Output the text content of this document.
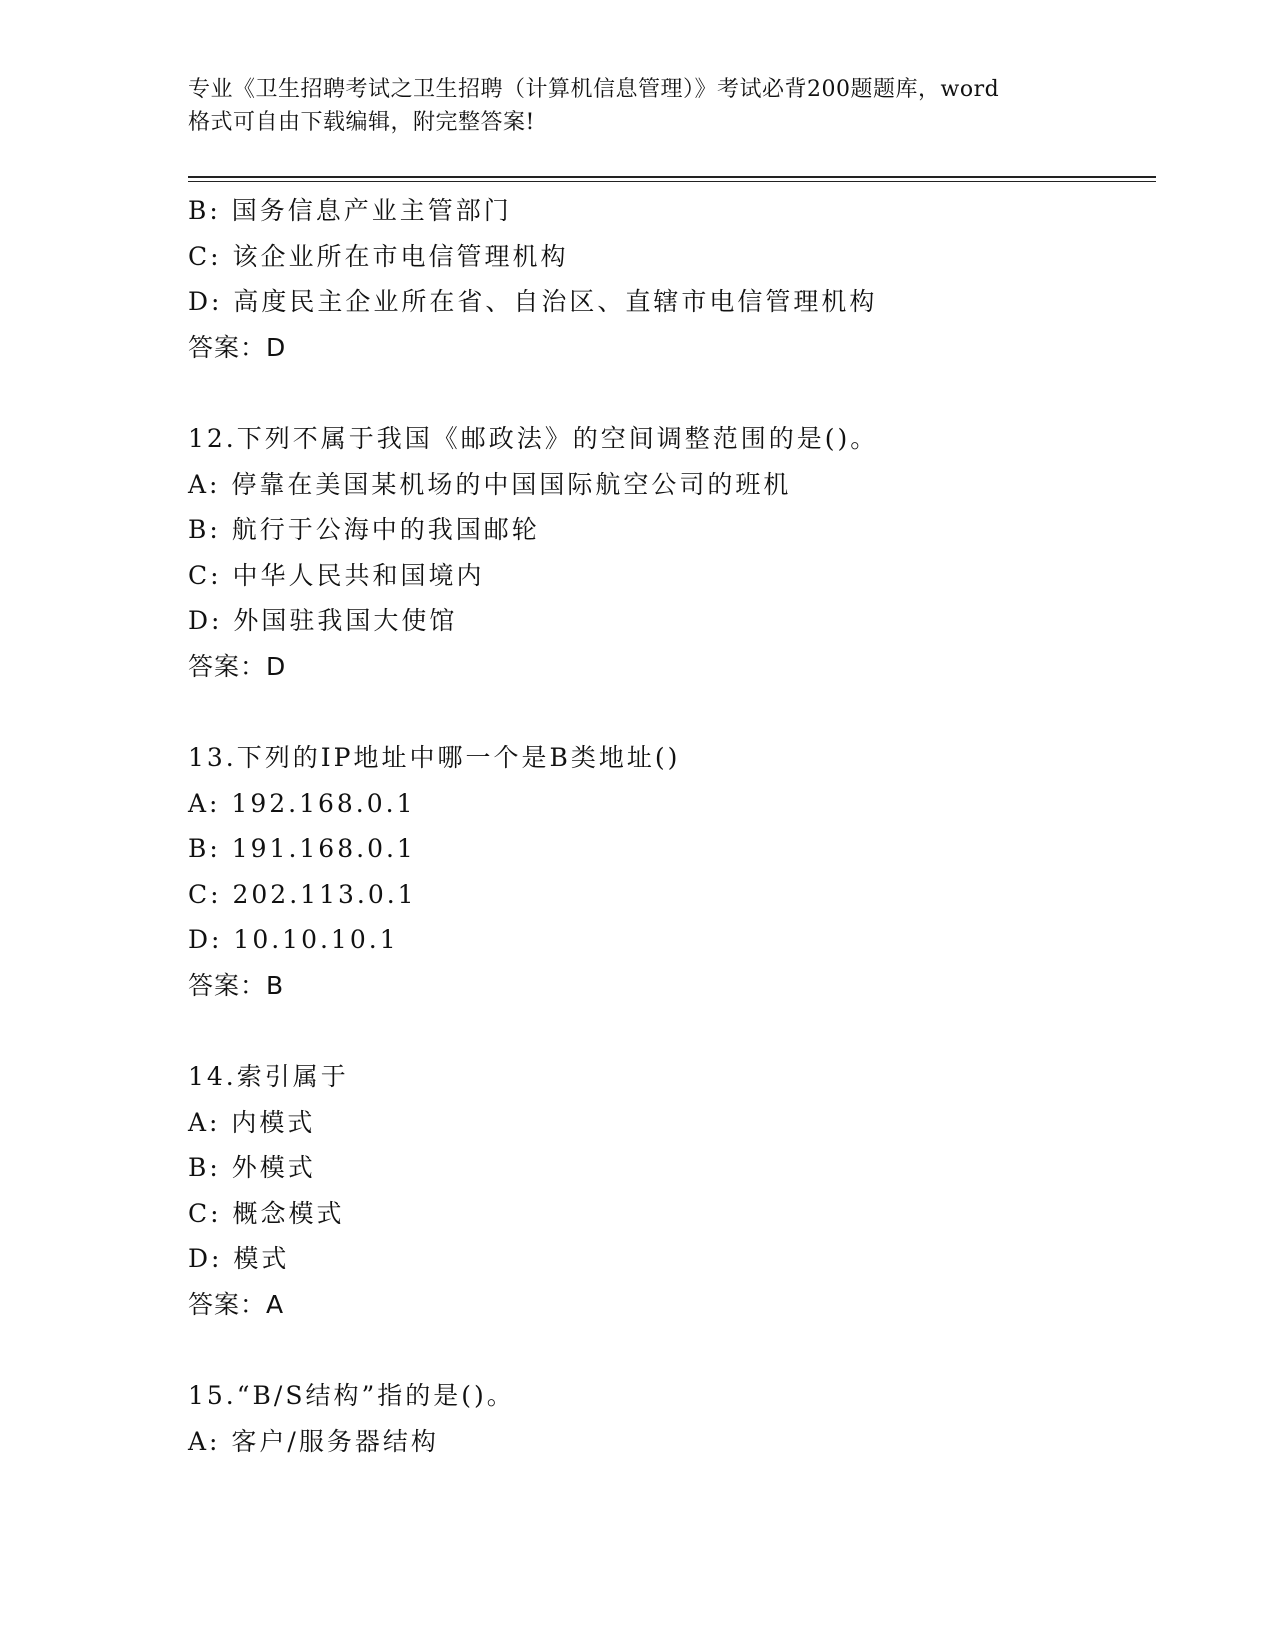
专业《卫生招聘考试之卫生招聘（计算机信息管理）》考试必背200题题库，word
格式可自由下载编辑，附完整答案!
B: 国务信息产业主管部门
C: 该企业所在市电信管理机构
D: 高度民主企业所在省、自治区、直辖市电信管理机构
答案：D
12.下列不属于我国《邮政法》的空间调整范围的是()。
A: 停靠在美国某机场的中国国际航空公司的班机
B: 航行于公海中的我国邮轮
C: 中华人民共和国境内
D: 外国驻我国大使馆
答案：D
13.下列的IP地址中哪一个是B类地址()
A: 192.168.0.1
B: 191.168.0.1
C: 202.113.0.1
D: 10.10.10.1
答案：B
14.索引属于
A: 内模式
B: 外模式
C: 概念模式
D: 模式
答案：A
15.“B/S结构”指的是()。
A: 客户/服务器结构
